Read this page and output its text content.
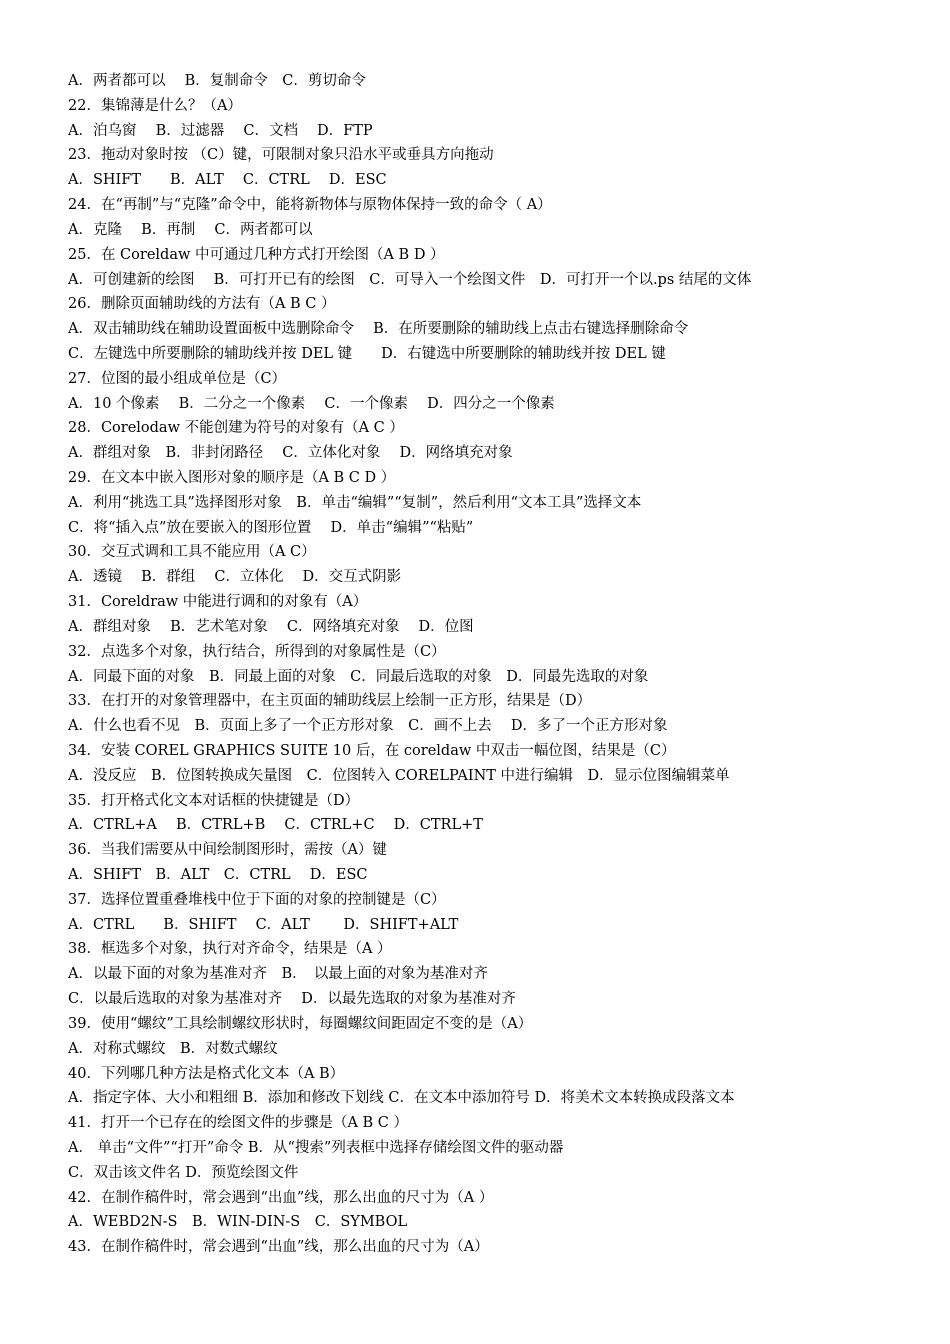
A．两者都可以　 B．复制命令　C．剪切命令
22．集锦薄是什么？（A）
A．泊乌窗　 B．过滤器　 C．文档　 D．FTP
23．拖动对象时按 （C）键，可限制对象只沿水平或垂具方向拖动
A．SHIFT　　B．ALT　 C．CTRL　 D．ESC
24．在“再制”与“克隆”命令中，能将新物体与原物体保持一致的命令（ A）
A．克隆　 B．再制　 C．两者都可以
25．在 Coreldaw 中可通过几种方式打开绘图（A B D ）
A．可创建新的绘图　 B．可打开已有的绘图　C．可导入一个绘图文件　D．可打开一个以.ps 结尾的文体
26．删除页面辅助线的方法有（A B C ）
A．双击辅助线在辅助设置面板中选删除命令　 B．在所要删除的辅助线上点击右键选择删除命令
C．左键选中所要删除的辅助线并按 DEL 键　　D．右键选中所要删除的辅助线并按 DEL 键
27．位图的最小组成单位是（C）
A．10 个像素　 B．二分之一个像素　 C．一个像素　 D．四分之一个像素
28．Corelodaw 不能创建为符号的对象有（A C ）
A．群组对象　B．非封闭路径　 C．立体化对象　 D．网络填充对象
29．在文本中嵌入图形对象的顺序是（A B C D ）
A．利用“挑选工具”选择图形对象　B．单击“编辑”“复制”，然后利用“文本工具”选择文本
C．将“插入点”放在要嵌入的图形位置　 D．单击“编辑”“粘贴”
30．交互式调和工具不能应用（A C）
A．透镜　 B．群组　 C．立体化　 D．交互式阴影
31．Coreldraw 中能进行调和的对象有（A）
A．群组对象　 B．艺术笔对象　 C．网络填充对象　 D．位图
32．点选多个对象，执行结合，所得到的对象属性是（C）
A．同最下面的对象　B．同最上面的对象　C．同最后选取的对象　D．同最先选取的对象
33．在打开的对象管理器中，在主页面的辅助线层上绘制一正方形，结果是（D）
A．什么也看不见　B．页面上多了一个正方形对象　C．画不上去　 D．多了一个正方形对象
34．安装 COREL GRAPHICS SUITE 10 后，在 coreldaw 中双击一幅位图，结果是（C）
A．没反应　B．位图转换成矢量图　C．位图转入 CORELPAINT 中进行编辑　D．显示位图编辑菜单
35．打开格式化文本对话框的快捷键是（D）
A．CTRL+A　 B．CTRL+B　 C．CTRL+C　 D．CTRL+T
36．当我们需要从中间绘制图形时，需按（A）键
A．SHIFT　B．ALT　C．CTRL　 D．ESC
37．选择位置重叠堆栈中位于下面的对象的控制键是（C）
A．CTRL　　B．SHIFT　 C．ALT　　 D．SHIFT+ALT
38．框选多个对象，执行对齐命令，结果是（A ）
A．以最下面的对象为基准对齐　B．　以最上面的对象为基准对齐
C．以最后选取的对象为基准对齐　 D．以最先选取的对象为基准对齐
39．使用“螺纹”工具绘制螺纹形状时，每圈螺纹间距固定不变的是（A）
A．对称式螺纹　B．对数式螺纹
40．下列哪几种方法是格式化文本（A B）
A．指定字体、大小和粗细 B．添加和修改下划线 C．在文本中添加符号 D．将美术文本转换成段落文本
41．打开一个已存在的绘图文件的步骤是（A B C ）
A． 单击“文件”“打开”命令 B．从“搜索”列表框中选择存储绘图文件的驱动器
C．双击该文件名 D．预览绘图文件
42．在制作稿件时，常会遇到“出血”线，那么出血的尺寸为（A ）
A．WEBD2N-S　B．WIN-DIN-S　C．SYMBOL
43．在制作稿件时，常会遇到“出血”线，那么出血的尺寸为（A）
